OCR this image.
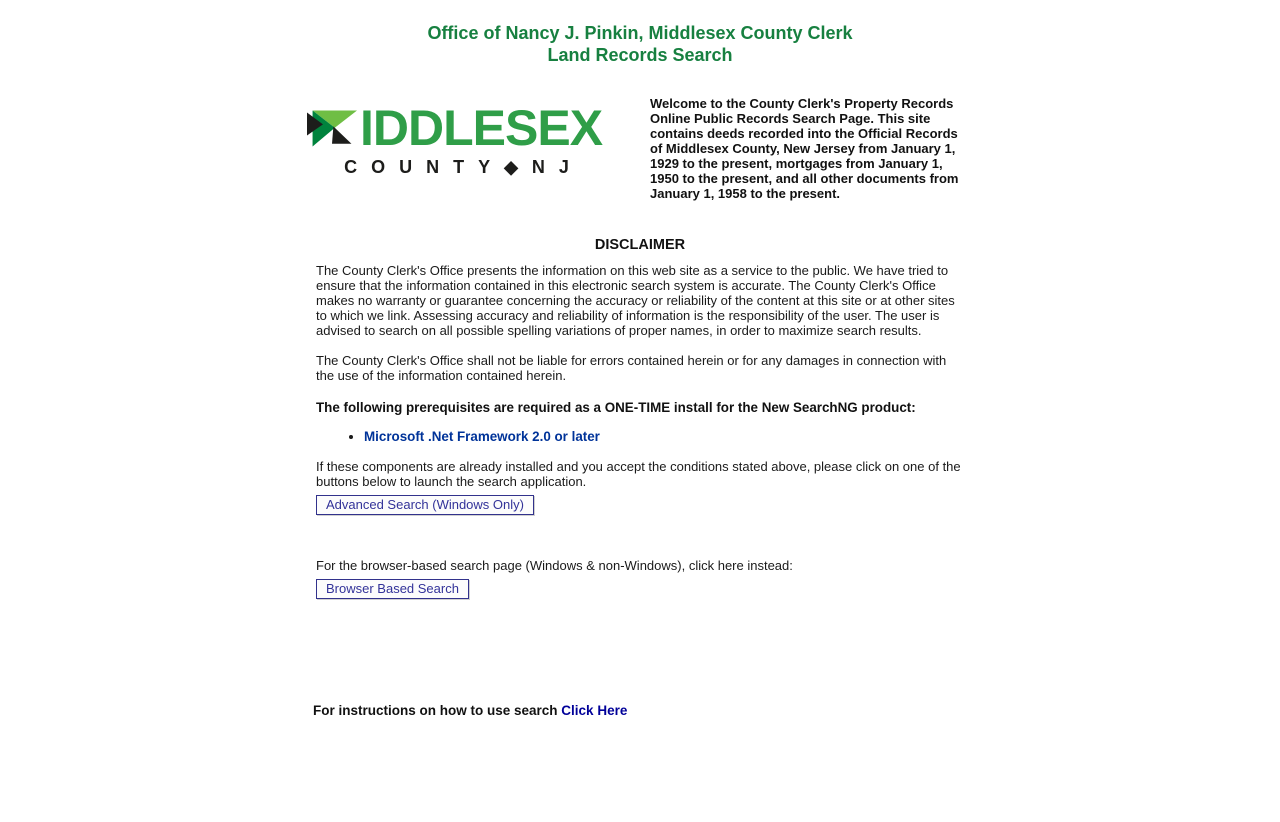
Office of Nancy J. Pinkin, Middlesex County Clerk
Land Records Search
IDDLESEX
COUNTY◆NJ

Welcome to the County Clerk's Property Records Online Public Records Search Page. This site contains deeds recorded into the Official Records of Middlesex County, New Jersey from January 1, 1929 to the present, mortgages from January 1, 1950 to the present, and all other documents from January 1, 1958 to the present.

DISCLAIMER

The County Clerk's Office presents the information on this web site as a service to the public. We have tried to ensure that the information contained in this electronic search system is accurate. The County Clerk's Office makes no warranty or guarantee concerning the accuracy or reliability of the content at this site or at other sites to which we link. Assessing accuracy and reliability of information is the responsibility of the user. The user is advised to search on all possible spelling variations of proper names, in order to maximize search results.

The County Clerk's Office shall not be liable for errors contained herein or for any damages in connection with the use of the information contained herein.

The following prerequisites are required as a ONE-TIME install for the New SearchNG product:

• Microsoft .Net Framework 2.0 or later

If these components are already installed and you accept the conditions stated above, please click on one of the buttons below to launch the search application.

Advanced Search (Windows Only)

For the browser-based search page (Windows & non-Windows), click here instead:

Browser Based Search

For instructions on how to use search Click Here
